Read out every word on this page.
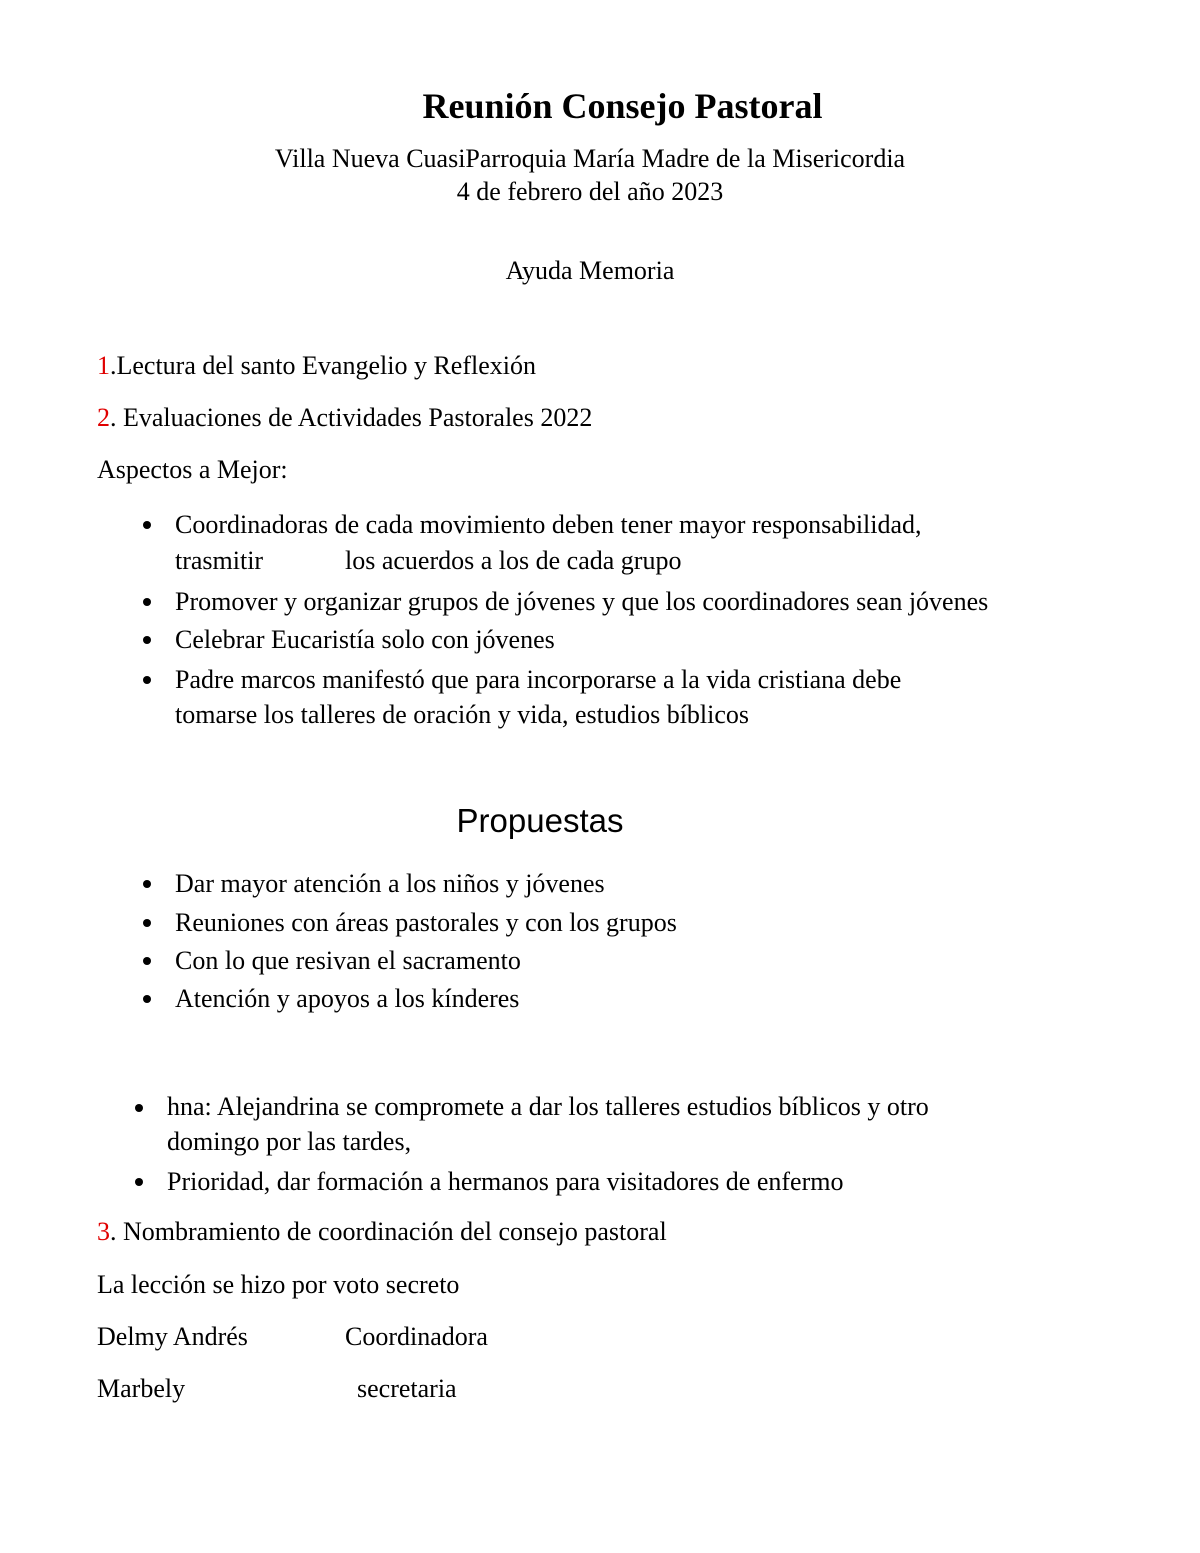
Reunión Consejo Pastoral
Villa Nueva CuasiParroquia María Madre de la Misericordia
4 de febrero del año 2023
Ayuda Memoria
1.Lectura del santo Evangelio y Reflexión
2. Evaluaciones de Actividades Pastorales 2022
Aspectos a Mejor:
Coordinadoras de cada movimiento deben tener mayor responsabilidad,
trasmitir	los acuerdos a los de cada grupo
Promover y organizar grupos de jóvenes y que los coordinadores sean jóvenes
Celebrar Eucaristía solo con jóvenes
Padre marcos manifestó que para incorporarse a la vida cristiana debe
tomarse los talleres de oración y vida, estudios bíblicos
Propuestas
Dar mayor atención a los niños y jóvenes
Reuniones con áreas pastorales y con los grupos
Con lo que resivan el sacramento
Atención y apoyos a los kínderes
hna: Alejandrina se compromete a dar los talleres estudios bíblicos y otro
domingo por las tardes,
Prioridad, dar formación a hermanos para visitadores de enfermo
3. Nombramiento de coordinación del consejo pastoral
La lección se hizo por voto secreto
Delmy Andrés	Coordinadora
Marbely	secretaria
